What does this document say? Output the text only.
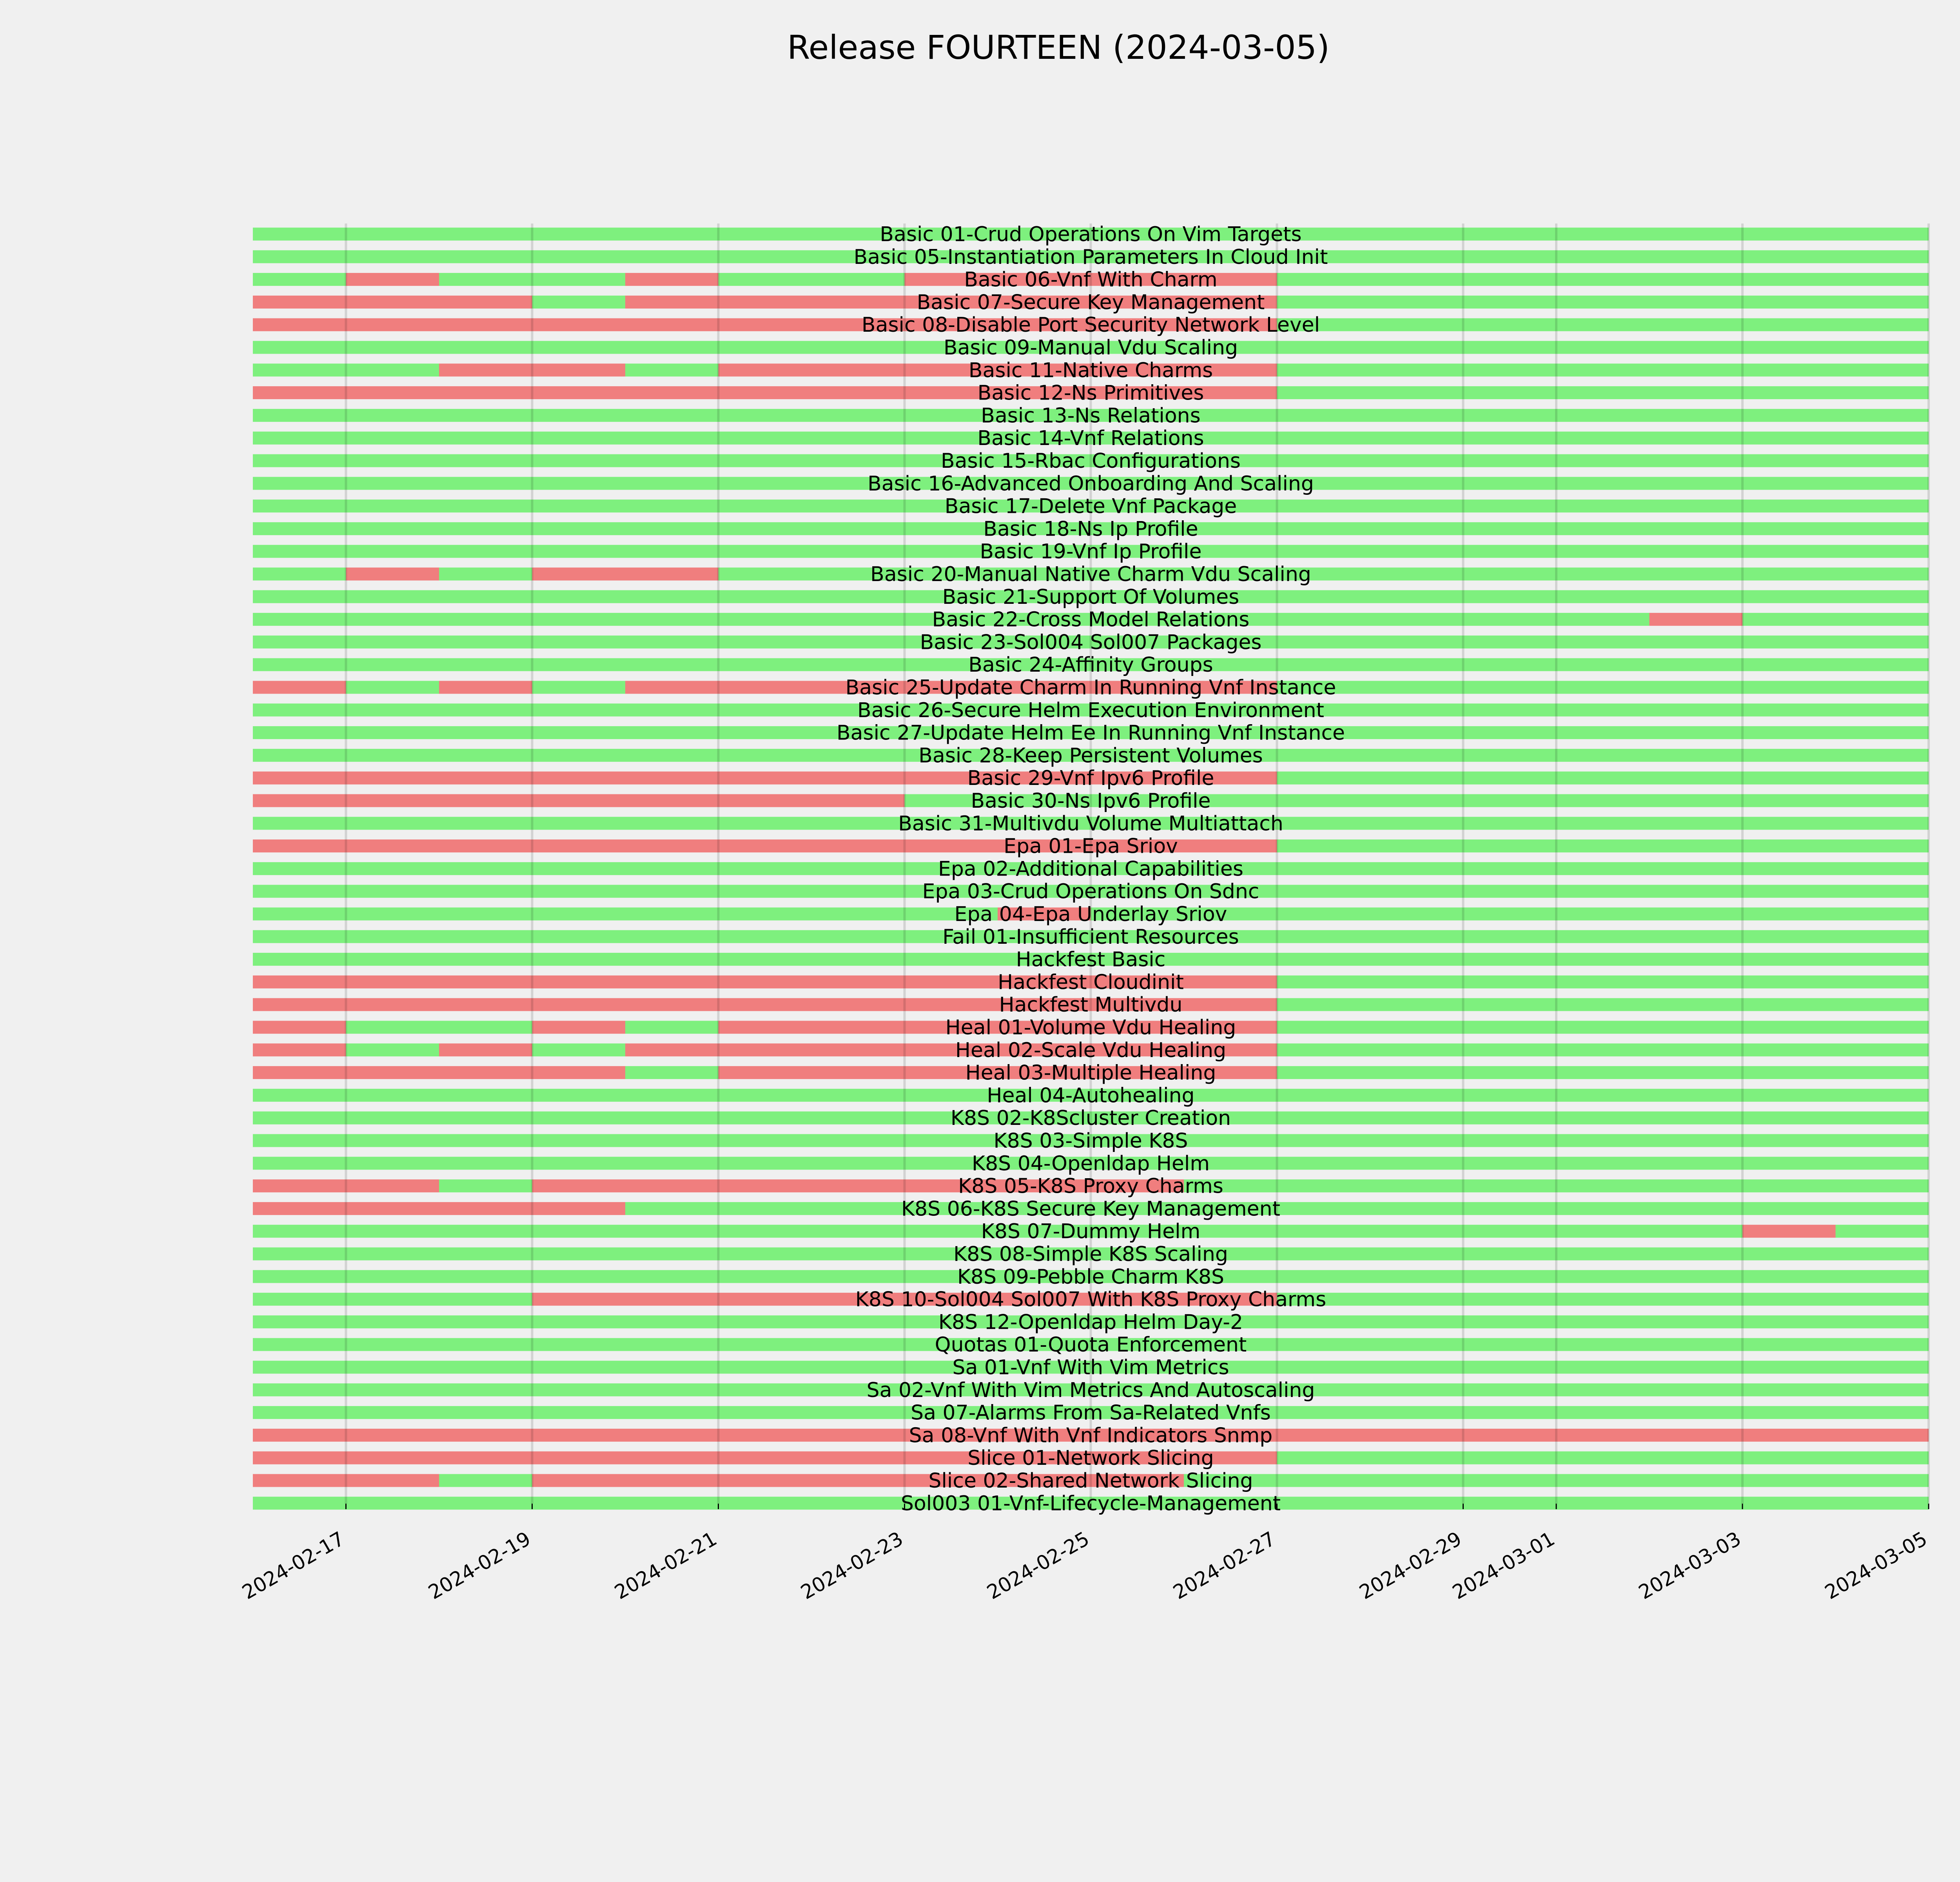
Release FOURTEEN (2024-03-05)
Basic 01-Crud Operations On Vim Targets
Basic 05-Instantiation Parameters In Cloud Init
Basic 06-Vnf With Charm
Basic 07-Secure Key Management
Basic 08-Disable Port Security Network Level
Basic 09-Manual Vdu Scaling
Basic 11-Native Charms
Basic 12-Ns Primitives
Basic 13-Ns Relations
Basic 14-Vnf Relations
Basic 15-Rbac Configurations
Basic 16-Advanced Onboarding And Scaling
Basic 17-Delete Vnf Package
Basic 18-Ns Ip Profile
Basic 19-Vnf Ip Profile
Basic 20-Manual Native Charm Vdu Scaling
Basic 21-Support Of Volumes
Basic 22-Cross Model Relations
Basic 23-Sol004 Sol007 Packages
Basic 24-Affinity Groups
Basic 25-Update Charm In Running Vnf Instance
Basic 26-Secure Helm Execution Environment
Basic 27-Update Helm Ee In Running Vnf Instance
Basic 28-Keep Persistent Volumes
Basic 29-Vnf Ipv6 Profile
Basic 30-Ns Ipv6 Profile
Basic 31-Multivdu Volume Multiattach
Epa 01-Epa Sriov
Epa 02-Additional Capabilities
Epa 03-Crud Operations On Sdnc
Epa 04-Epa Underlay Sriov
Fail 01-Insufficient Resources
Hackfest Basic
Hackfest Cloudinit
Hackfest Multivdu
Heal 01-Volume Vdu Healing
Heal 02-Scale Vdu Healing
Heal 03-Multiple Healing
Heal 04-Autohealing
K8S 02-K8Scluster Creation
K8S 03-Simple K8S
K8S 04-Openldap Helm
K8S 05-K8S Proxy Charms
K8S 06-K8S Secure Key Management
K8S 07-Dummy Helm
K8S 08-Simple K8S Scaling
K8S 09-Pebble Charm K8S
K8S 10-Sol004 Sol007 With K8S Proxy Charms
K8S 12-Openldap Helm Day-2
Quotas 01-Quota Enforcement
Sa 01-Vnf With Vim Metrics
Sa 02-Vnf With Vim Metrics And Autoscaling
Sa 07-Alarms From Sa-Related Vnfs
Sa 08-Vnf With Vnf Indicators Snmp
Slice 01-Network Slicing
Slice 02-Shared Network Slicing
Sol003 01-Vnf-Lifecycle-Management
2024-02-17	2024-02-19	2024-02-21	2024-02-23	2024-02-25	2024-02-27	2024-02-29
2024-03-01	2024-03-03	2024-03-05
